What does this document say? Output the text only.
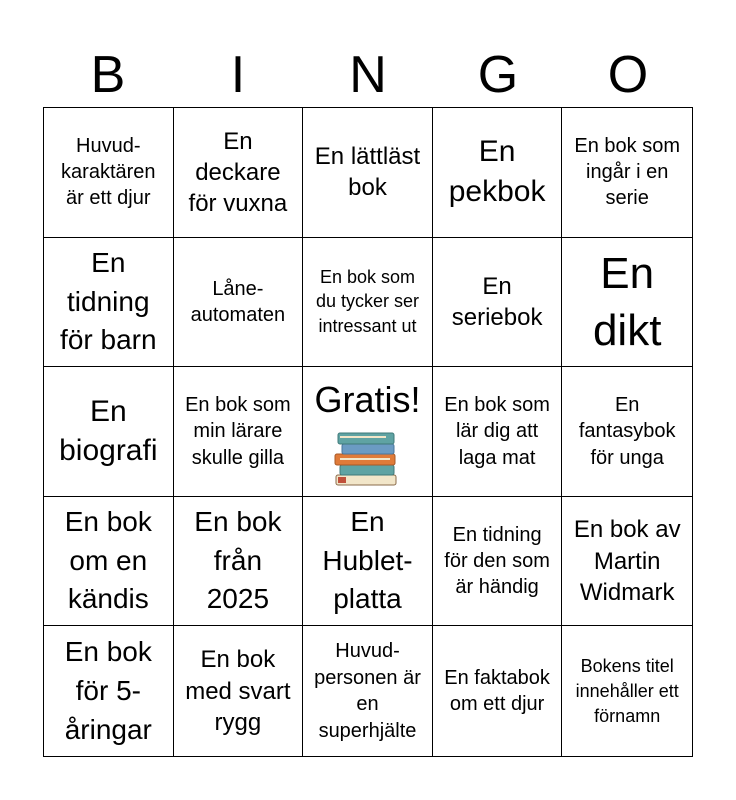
B	I	N	G	O
Huvud-karaktären är ett djur
En deckare för vuxna
En lättläst bok
En pekbok
En bok som ingår i en serie
En tidning för barn
Låne-automaten
En bok som du tycker ser intressant ut
En seriebok
En dikt
En biografi
En bok som min lärare skulle gilla
Gratis! En bok som lär dig att laga mat
En fantasybok för unga
En bok om en kändis
En bok från 2025
En Hublet-platta
En tidning för den som är händig
En bok av Martin Widmark
En bok för 5-åringar
En bok med svart rygg
Huvud-personen är en superhjälte
En faktabok om ett djur
Bokens titel innehåller ett förnamn
